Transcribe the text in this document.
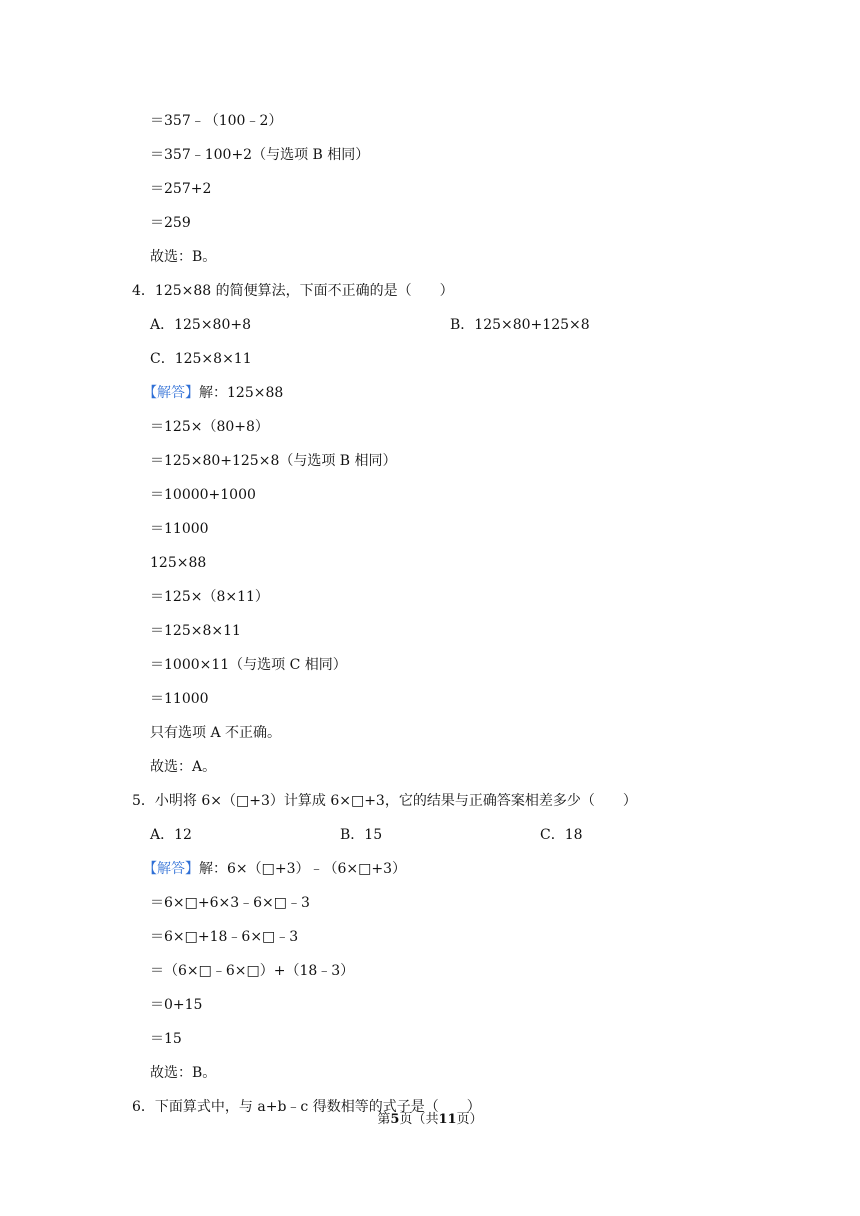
＝357﹣（100﹣2）
＝357﹣100+2（与选项 B 相同）
＝257+2
＝259
故选：B。
4．125×88 的简便算法，下面不正确的是（　　）
A．125×80+8	B．125×80+125×8
C．125×8×11
【解答】解：125×88
＝125×（80+8）
＝125×80+125×8（与选项 B 相同）
＝10000+1000
＝11000
125×88
＝125×（8×11）
＝125×8×11
＝1000×11（与选项 C 相同）
＝11000
只有选项 A 不正确。
故选：A。
5．小明将 6×（□+3）计算成 6×□+3，它的结果与正确答案相差多少（　　）
A．12	B．15	C．18
【解答】解：6×（□+3）﹣（6×□+3）
＝6×□+6×3﹣6×□﹣3
＝6×□+18﹣6×□﹣3
＝（6×□﹣6×□）+（18﹣3）
＝0+15
＝15
故选：B。
6．下面算式中，与 a+b﹣c 得数相等的式子是（　　）
第5页（共11页）
